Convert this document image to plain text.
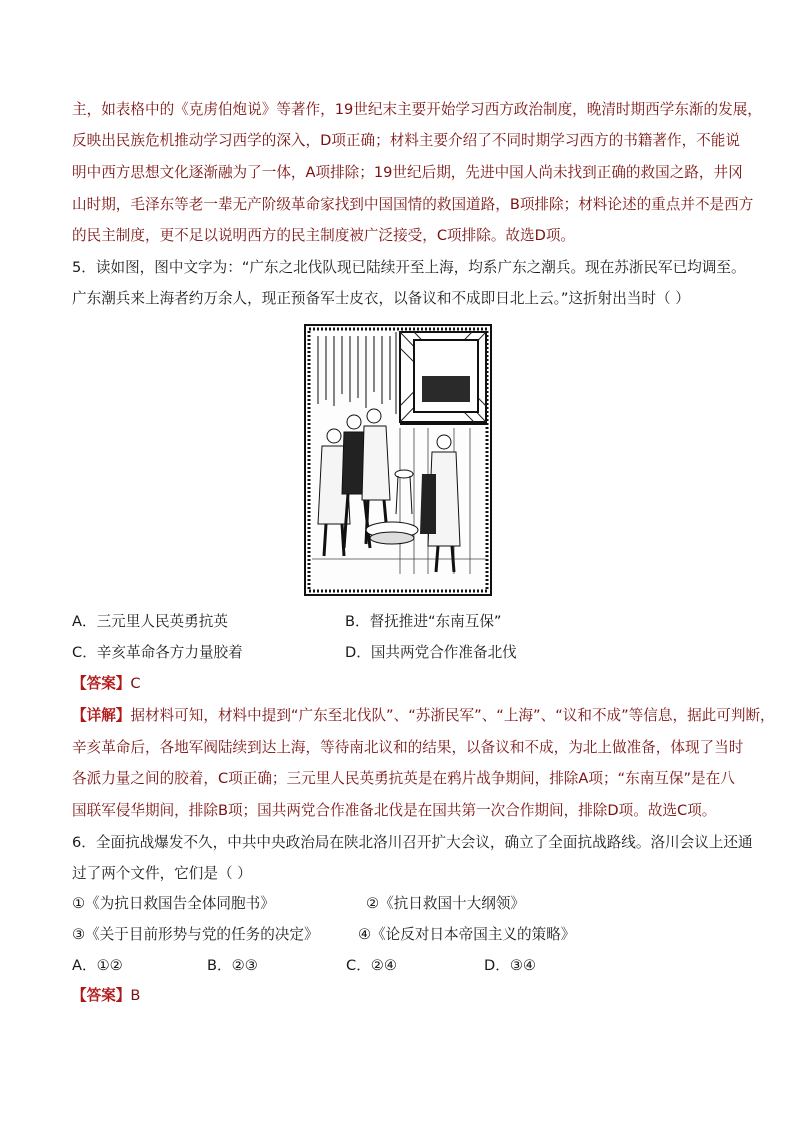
主，如表格中的《克虏伯炮说》等著作，19世纪末主要开始学习西方政治制度，晚清时期西学东渐的发展，
反映出民族危机推动学习西学的深入，D项正确；材料主要介绍了不同时期学习西方的书籍著作，不能说
明中西方思想文化逐渐融为了一体，A项排除；19世纪后期，先进中国人尚未找到正确的救国之路，井冈
山时期，毛泽东等老一辈无产阶级革命家找到中国国情的救国道路，B项排除；材料论述的重点并不是西方
的民主制度，更不足以说明西方的民主制度被广泛接受，C项排除。故选D项。
5．读如图，图中文字为：“广东之北伐队现已陆续开至上海，均系广东之潮兵。现在苏浙民军已均调至。
广东潮兵来上海者约万余人，现正预备军士皮衣，以备议和不成即日北上云。”这折射出当时（ ）
A．三元里人民英勇抗英	B．督抚推进“东南互保”
C．辛亥革命各方力量胶着	D．国共两党合作准备北伐
【答案】C
【详解】据材料可知，材料中提到“广东至北伐队”、“苏浙民军”、“上海”、“议和不成”等信息，据此可判断，
辛亥革命后，各地军阀陆续到达上海，等待南北议和的结果，以备议和不成，为北上做准备，体现了当时
各派力量之间的胶着，C项正确；三元里人民英勇抗英是在鸦片战争期间，排除A项；“东南互保”是在八
国联军侵华期间，排除B项；国共两党合作准备北伐是在国共第一次合作期间，排除D项。故选C项。
6．全面抗战爆发不久，中共中央政治局在陕北洛川召开扩大会议，确立了全面抗战路线。洛川会议上还通
过了两个文件，它们是（ ）
①《为抗日救国告全体同胞书》	②《抗日救国十大纲领》
③《关于目前形势与党的任务的决定》	④《论反对日本帝国主义的策略》
A．①②	B．②③	C．②④	D．③④
【答案】B
